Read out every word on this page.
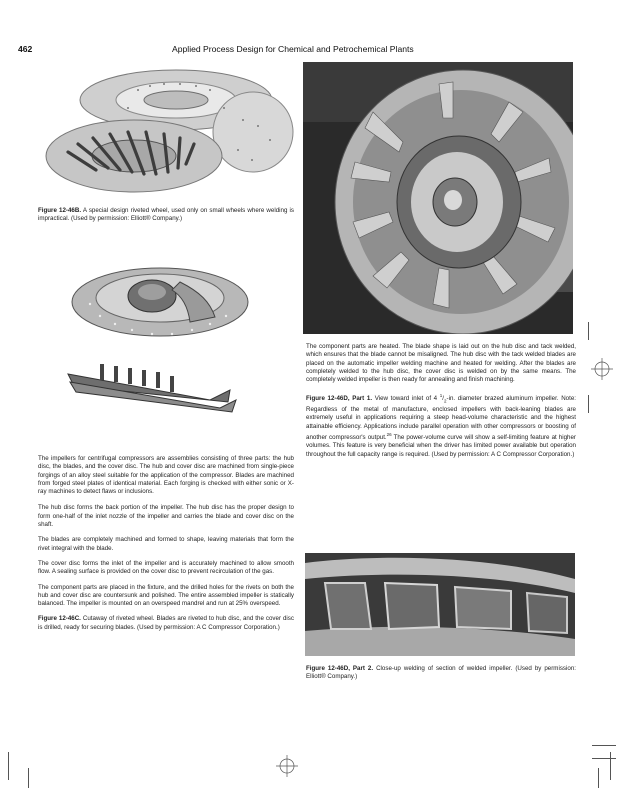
462	Applied Process Design for Chemical and Petrochemical Plants

Figure 12-46B. A special design riveted wheel, used only on small wheels where welding is impractical. (Used by permission: Elliott® Company.)

The impellers for centrifugal compressors are assemblies consisting of three parts: the hub disc, the blades, and the cover disc. The hub and cover disc are machined from single-piece forgings of an alloy steel suitable for the application of the compressor. Blades are machined from forged steel plates of identical material. Each forging is checked with either sonic or X-ray machines to detect flaws or inclusions.

The hub disc forms the back portion of the impeller. The hub disc has the proper design to form one-half of the inlet nozzle of the impeller and carries the blade and cover disc on the shaft.

The blades are completely machined and formed to shape, leaving materials that form the rivet integral with the blade.

The cover disc forms the inlet of the impeller and is accurately machined to allow smooth flow. A sealing surface is provided on the cover disc to prevent recirculation of the gas.

The component parts are placed in the fixture, and the drilled holes for the rivets on both the hub and cover disc are countersunk and polished. The entire assembled impeller is statically balanced. The impeller is mounted on an overspeed mandrel and run at 25% overspeed.

Figure 12-46C. Cutaway of riveted wheel. Blades are riveted to hub disc, and the cover disc is drilled, ready for securing blades. (Used by permission: A C Compressor Corporation.)

The component parts are heated. The blade shape is laid out on the hub disc and tack welded, which ensures that the blade cannot be misaligned. The hub disc with the tack welded blades are placed on the automatic impeller welding machine and heated for welding. After the blades are completely welded to the hub disc, the cover disc is welded on by the same means. The completely welded impeller is then ready for annealing and finish machining.

Figure 12-46D, Part 1. View toward inlet of 4 $^1/_2-in$. diameter brazed aluminum impeller. Note: Regardless of the metal of manufacture, enclosed impellers with back-leaning blades are extremely useful in applications requiring a steep head-volume characteristic and the highest attainable efficiency. Applications include parallel operation with other compressors or boosting of another compressor's output.$^{26}$ The power-volume curve will show a self-limiting feature at higher volumes. This feature is very beneficial when the driver has limited power available but operation throughout the full capacity range is required. (Used by permission: A C Compressor Corporation.)

Figure 12-46D, Part 2. Close-up welding of section of welded impeller. (Used by permission: Elliott® Company.)
